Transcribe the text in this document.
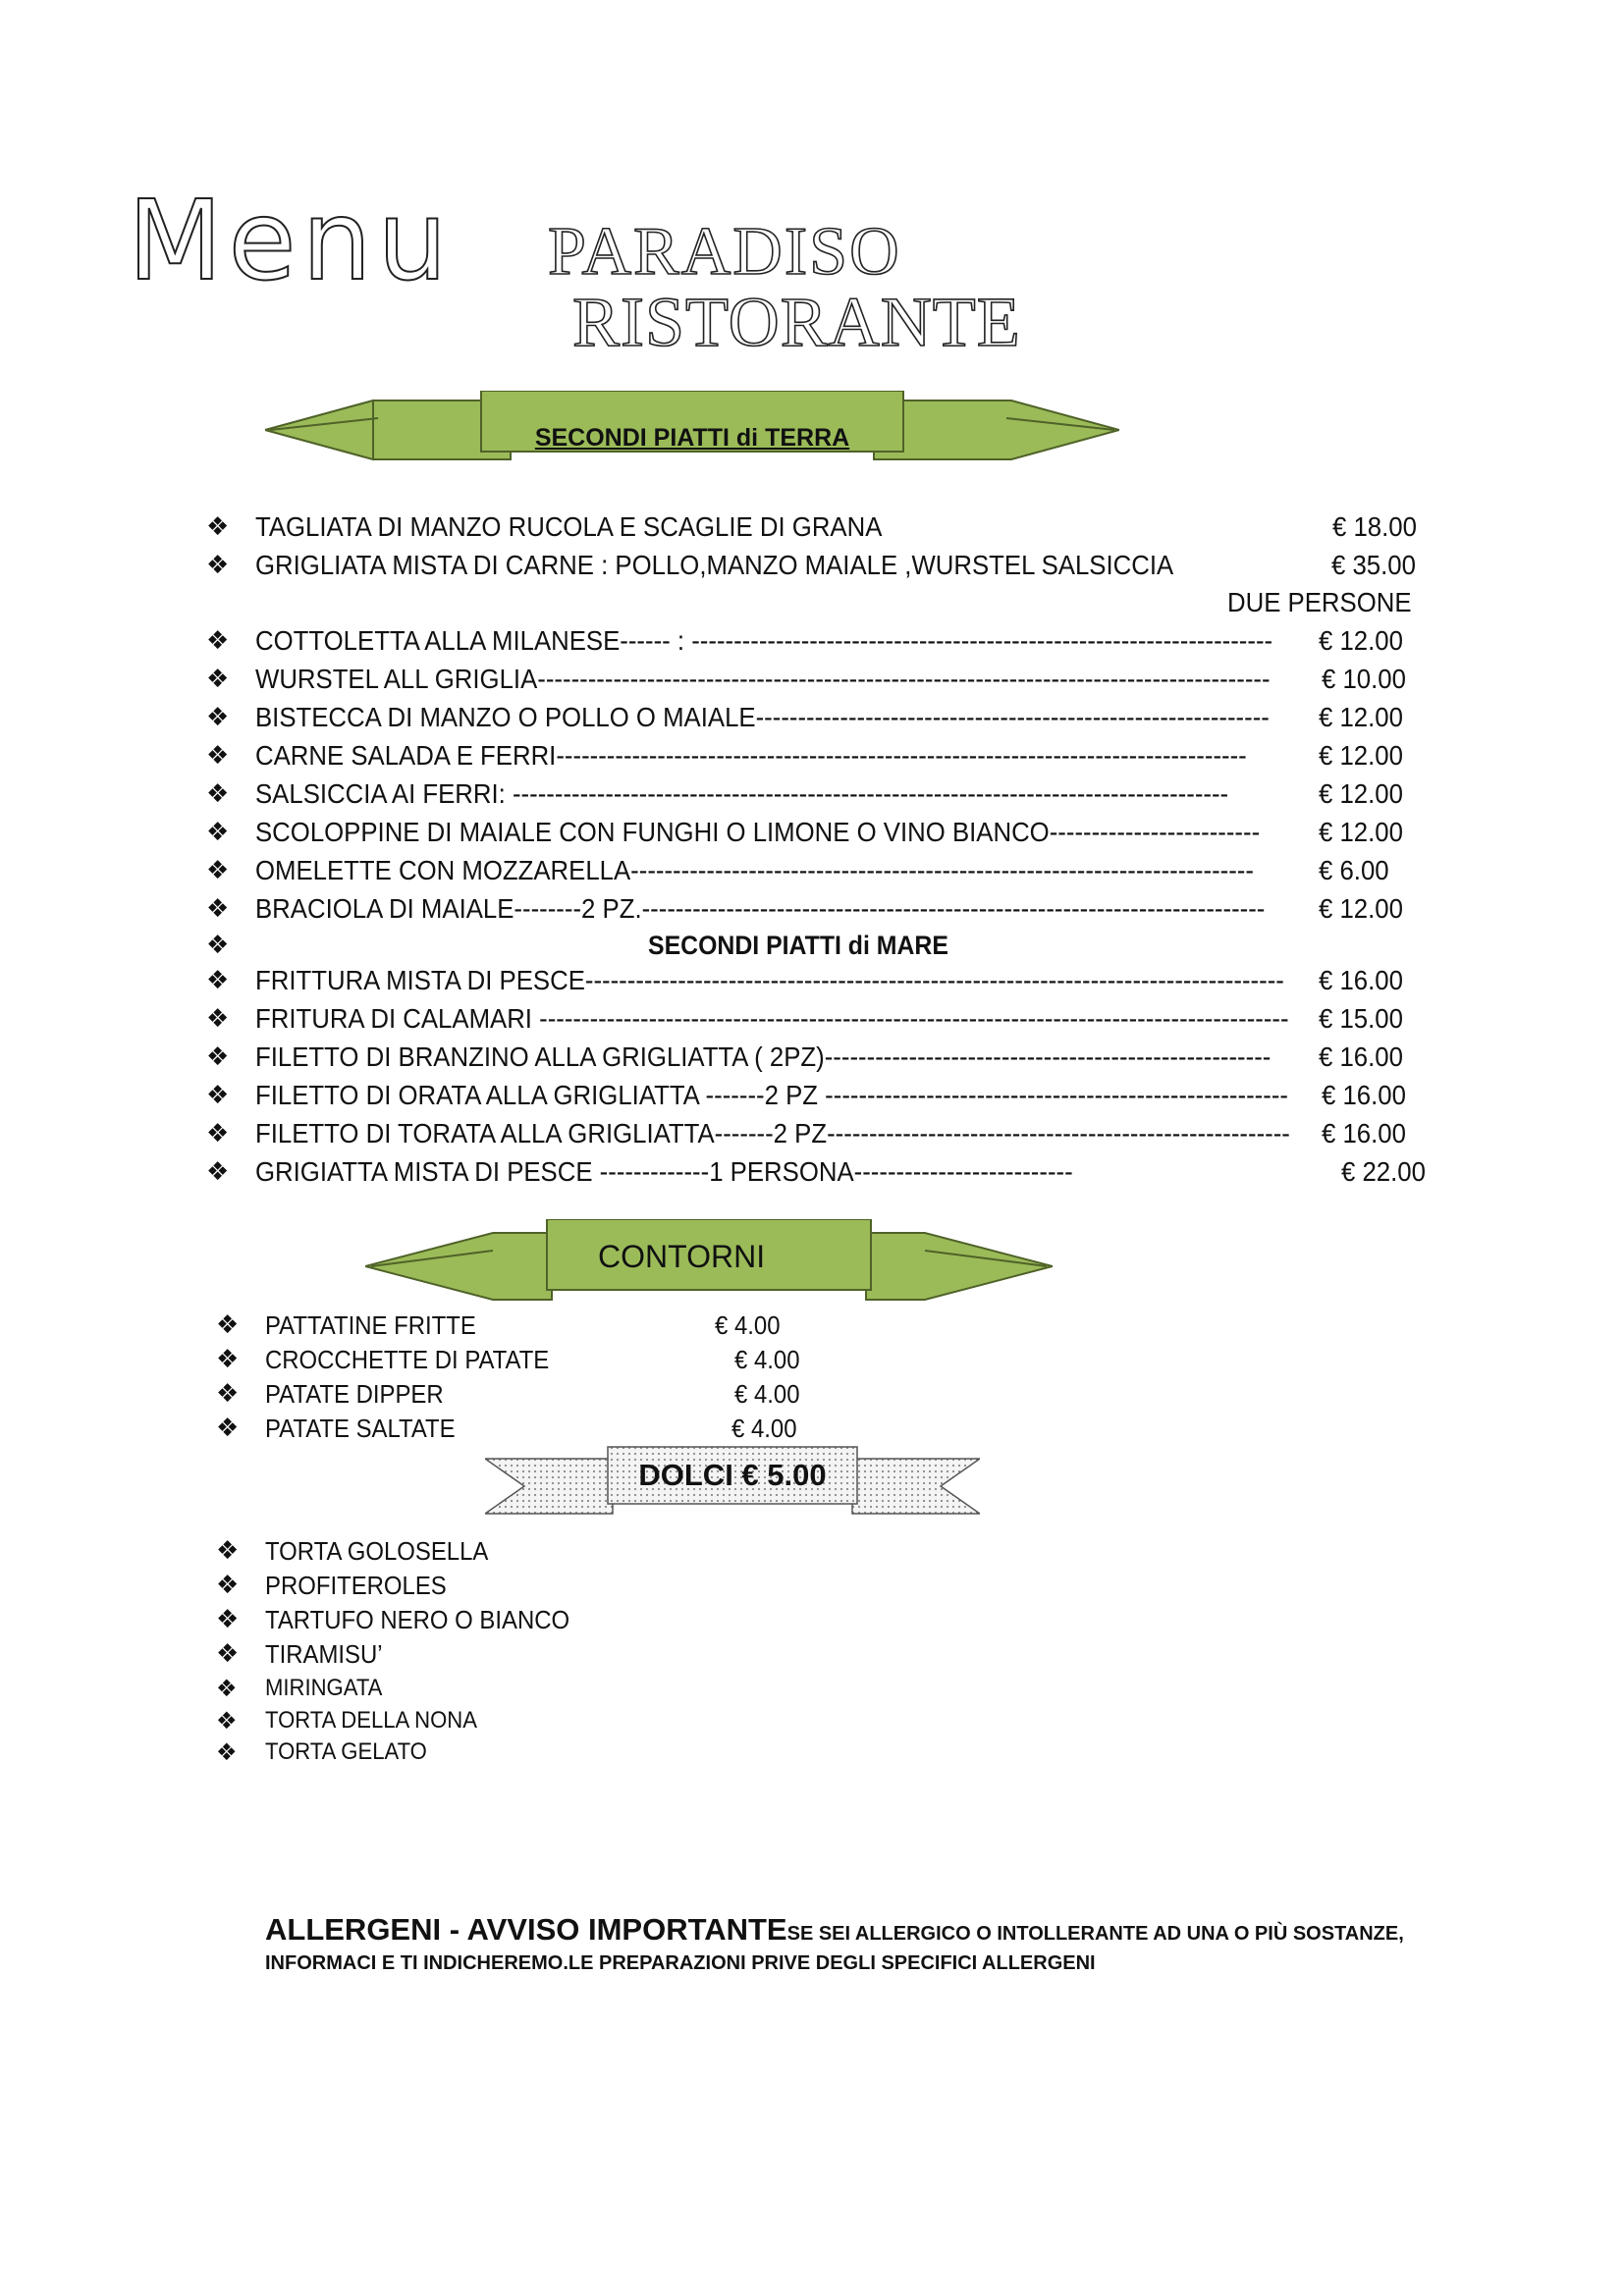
Menu PARADISO
RISTORANTE
SECONDI PIATTI di TERRA
❖ TAGLIATA DI MANZO RUCOLA E SCAGLIE DI GRANA	€ 18.00
❖ GRIGLIATA MISTA DI CARNE : POLLO,MANZO MAIALE ,WURSTEL SALSICCIA	€ 35.00
DUE PERSONE
❖ COTTOLETTA ALLA MILANESE------ : --------------------------------------------------------------------- € 12.00
❖ WURSTEL ALL GRIGLIA--------------------------------------------------------------------------------------- € 10.00
❖ BISTECCA DI MANZO O POLLO O MAIALE------------------------------------------------------------- € 12.00
❖ CARNE SALADA E FERRI----------------------------------------------------------------------------------	€ 12.00
❖ SALSICCIA AI FERRI: -------------------------------------------------------------------------------------	€ 12.00
❖ SCOLOPPINE DI MAIALE CON FUNGHI O LIMONE O VINO BIANCO------------------------- € 12.00
❖ OMELETTE CON MOZZARELLA-------------------------------------------------------------------------- € 6.00
❖ BRACIOLA DI MAIALE--------2 PZ.-------------------------------------------------------------------------- € 12.00
❖	SECONDI PIATTI di MARE
❖ FRITTURA MISTA DI PESCE----------------------------------------------------------------------------------- € 16.00
❖ FRITURA DI CALAMARI ----------------------------------------------------------------------------------------- € 15.00
❖ FILETTO DI BRANZINO ALLA GRIGLIATTA ( 2PZ)----------------------------------------------------- € 16.00
❖ FILETTO DI ORATA ALLA GRIGLIATTA -------2 PZ ------------------------------------------------------- € 16.00
❖ FILETTO DI TORATA ALLA GRIGLIATTA-------2 PZ------------------------------------------------------- € 16.00
❖ GRIGIATTA MISTA DI PESCE -------------1 PERSONA--------------------------	€ 22.00
CONTORNI
❖ PATTATINE FRITTE	€ 4.00
❖ CROCCHETTE DI PATATE	€ 4.00
❖ PATATE DIPPER	€ 4.00
❖ PATATE SALTATE	€ 4.00
DOLCI € 5.00
❖ TORTA GOLOSELLA
❖ PROFITEROLES
❖ TARTUFO NERO O BIANCO
❖ TIRAMISU’
❖ MIRINGATA
❖ TORTA DELLA NONA
❖ TORTA GELATO
ALLERGENI - AVVISO IMPORTANTESE SEI ALLERGICO O INTOLLERANTE AD UNA O PIÙ SOSTANZE, INFORMACI E TI INDICHEREMO.LE PREPARAZIONI PRIVE DEGLI SPECIFICI ALLERGENI
